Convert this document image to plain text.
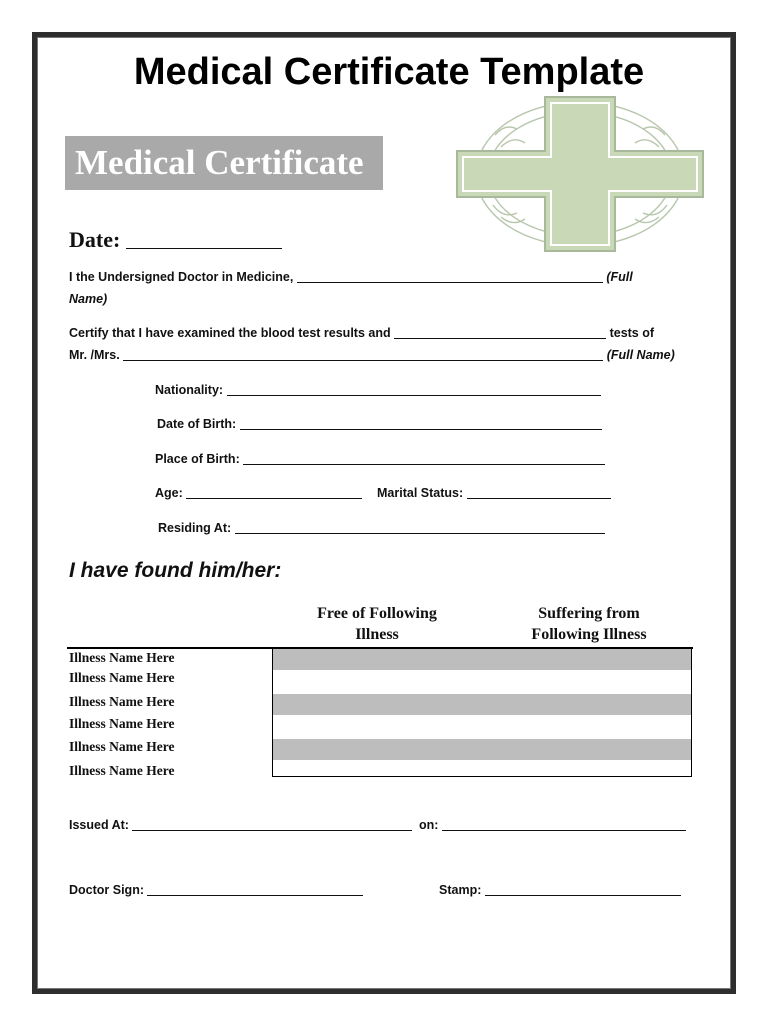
Medical Certificate Template
Medical Certificate
Date:
I the Undersigned Doctor in Medicine,	(Full
Name)
Certify that I have examined the blood test results and	tests of
Mr. /Mrs.	(Full Name)
Nationality:
Date of Birth:
Place of Birth:
Age:	Marital Status:
Residing At:
I have found him/her:
Free of Following
Illness
Suffering from
Following Illness
Illness Name Here
Illness Name Here
Illness Name Here
Illness Name Here
Illness Name Here
Illness Name Here
Issued At:	on:
Doctor Sign:	Stamp:
